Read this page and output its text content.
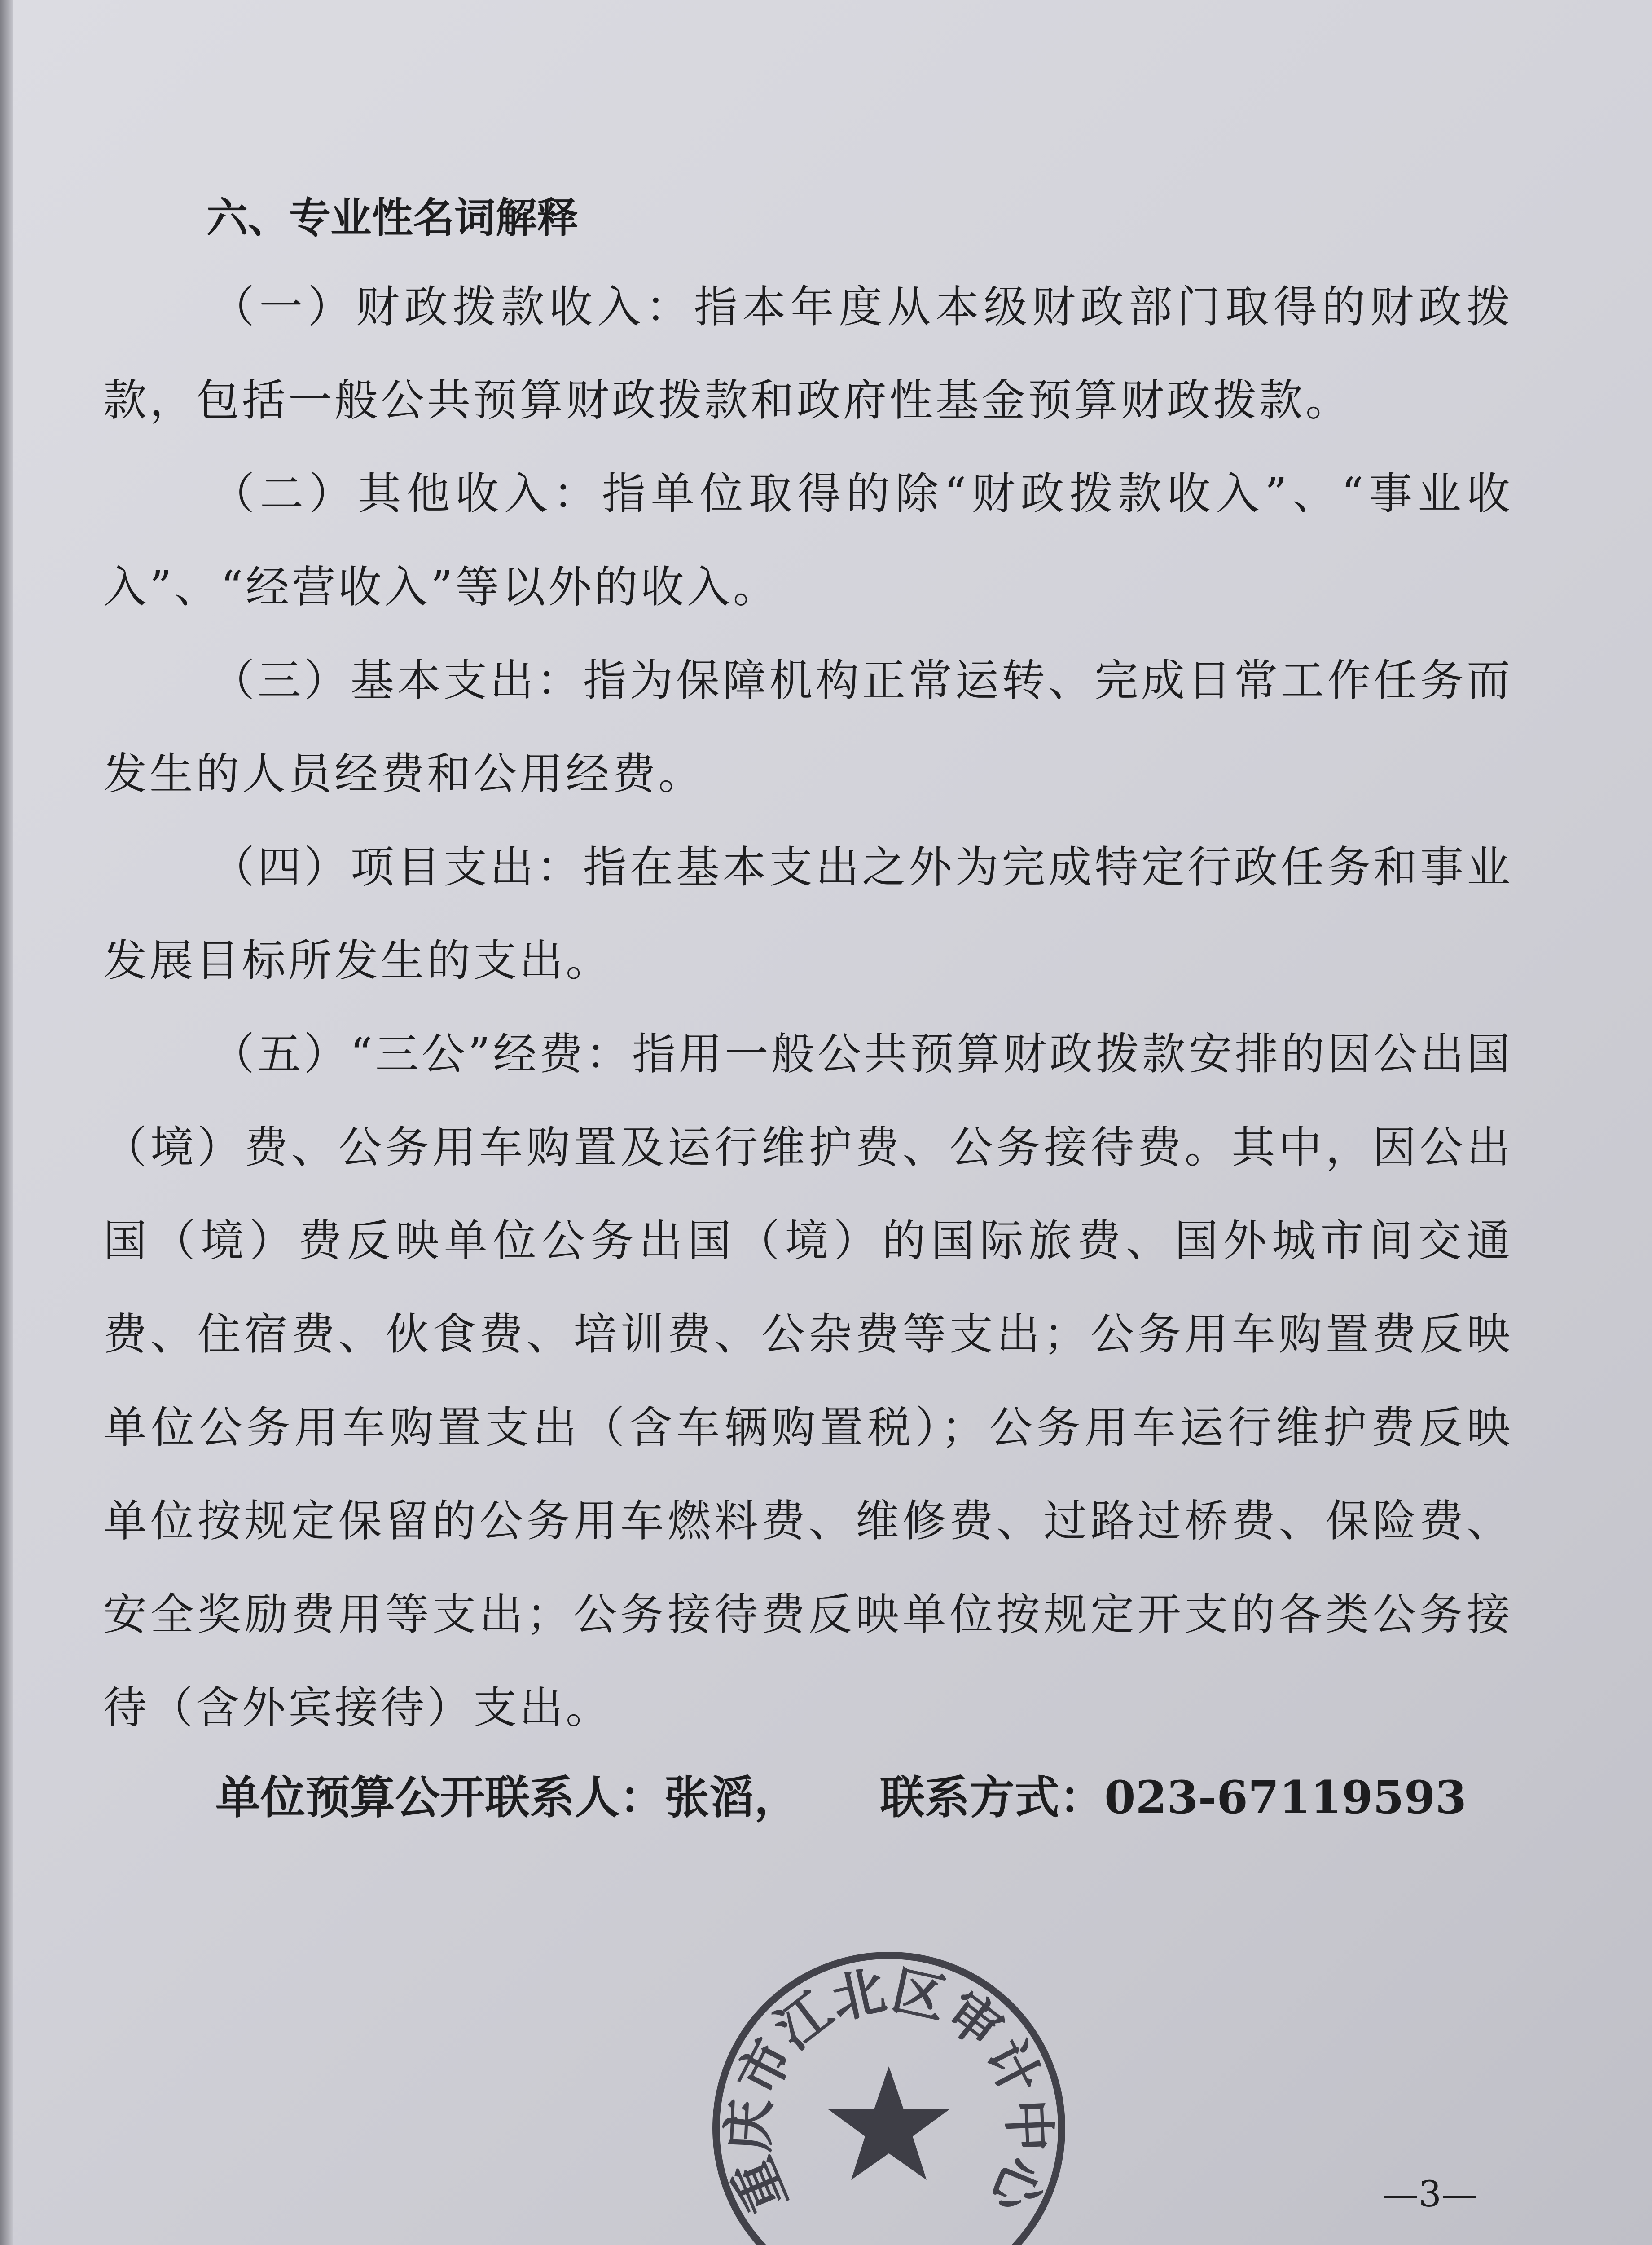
六、专业性名词解释

（一）财政拨款收入：指本年度从本级财政部门取得的财政拨款，包括一般公共预算财政拨款和政府性基金预算财政拨款。

（二）其他收入：指单位取得的除“财政拨款收入”、“事业收入”、“经营收入”等以外的收入。

（三）基本支出：指为保障机构正常运转、完成日常工作任务而发生的人员经费和公用经费。

（四）项目支出：指在基本支出之外为完成特定行政任务和事业发展目标所发生的支出。

（五）“三公”经费：指用一般公共预算财政拨款安排的因公出国（境）费、公务用车购置及运行维护费、公务接待费。其中，因公出国（境）费反映单位公务出国（境）的国际旅费、国外城市间交通费、住宿费、伙食费、培训费、公杂费等支出；公务用车购置费反映单位公务用车购置支出（含车辆购置税）；公务用车运行维护费反映单位按规定保留的公务用车燃料费、维修费、过路过桥费、保险费、安全奖励费用等支出；公务接待费反映单位按规定开支的各类公务接待（含外宾接待）支出。

单位预算公开联系人：张滔， 联系方式：023-67119593
重庆市江北区审计中心	—3—
